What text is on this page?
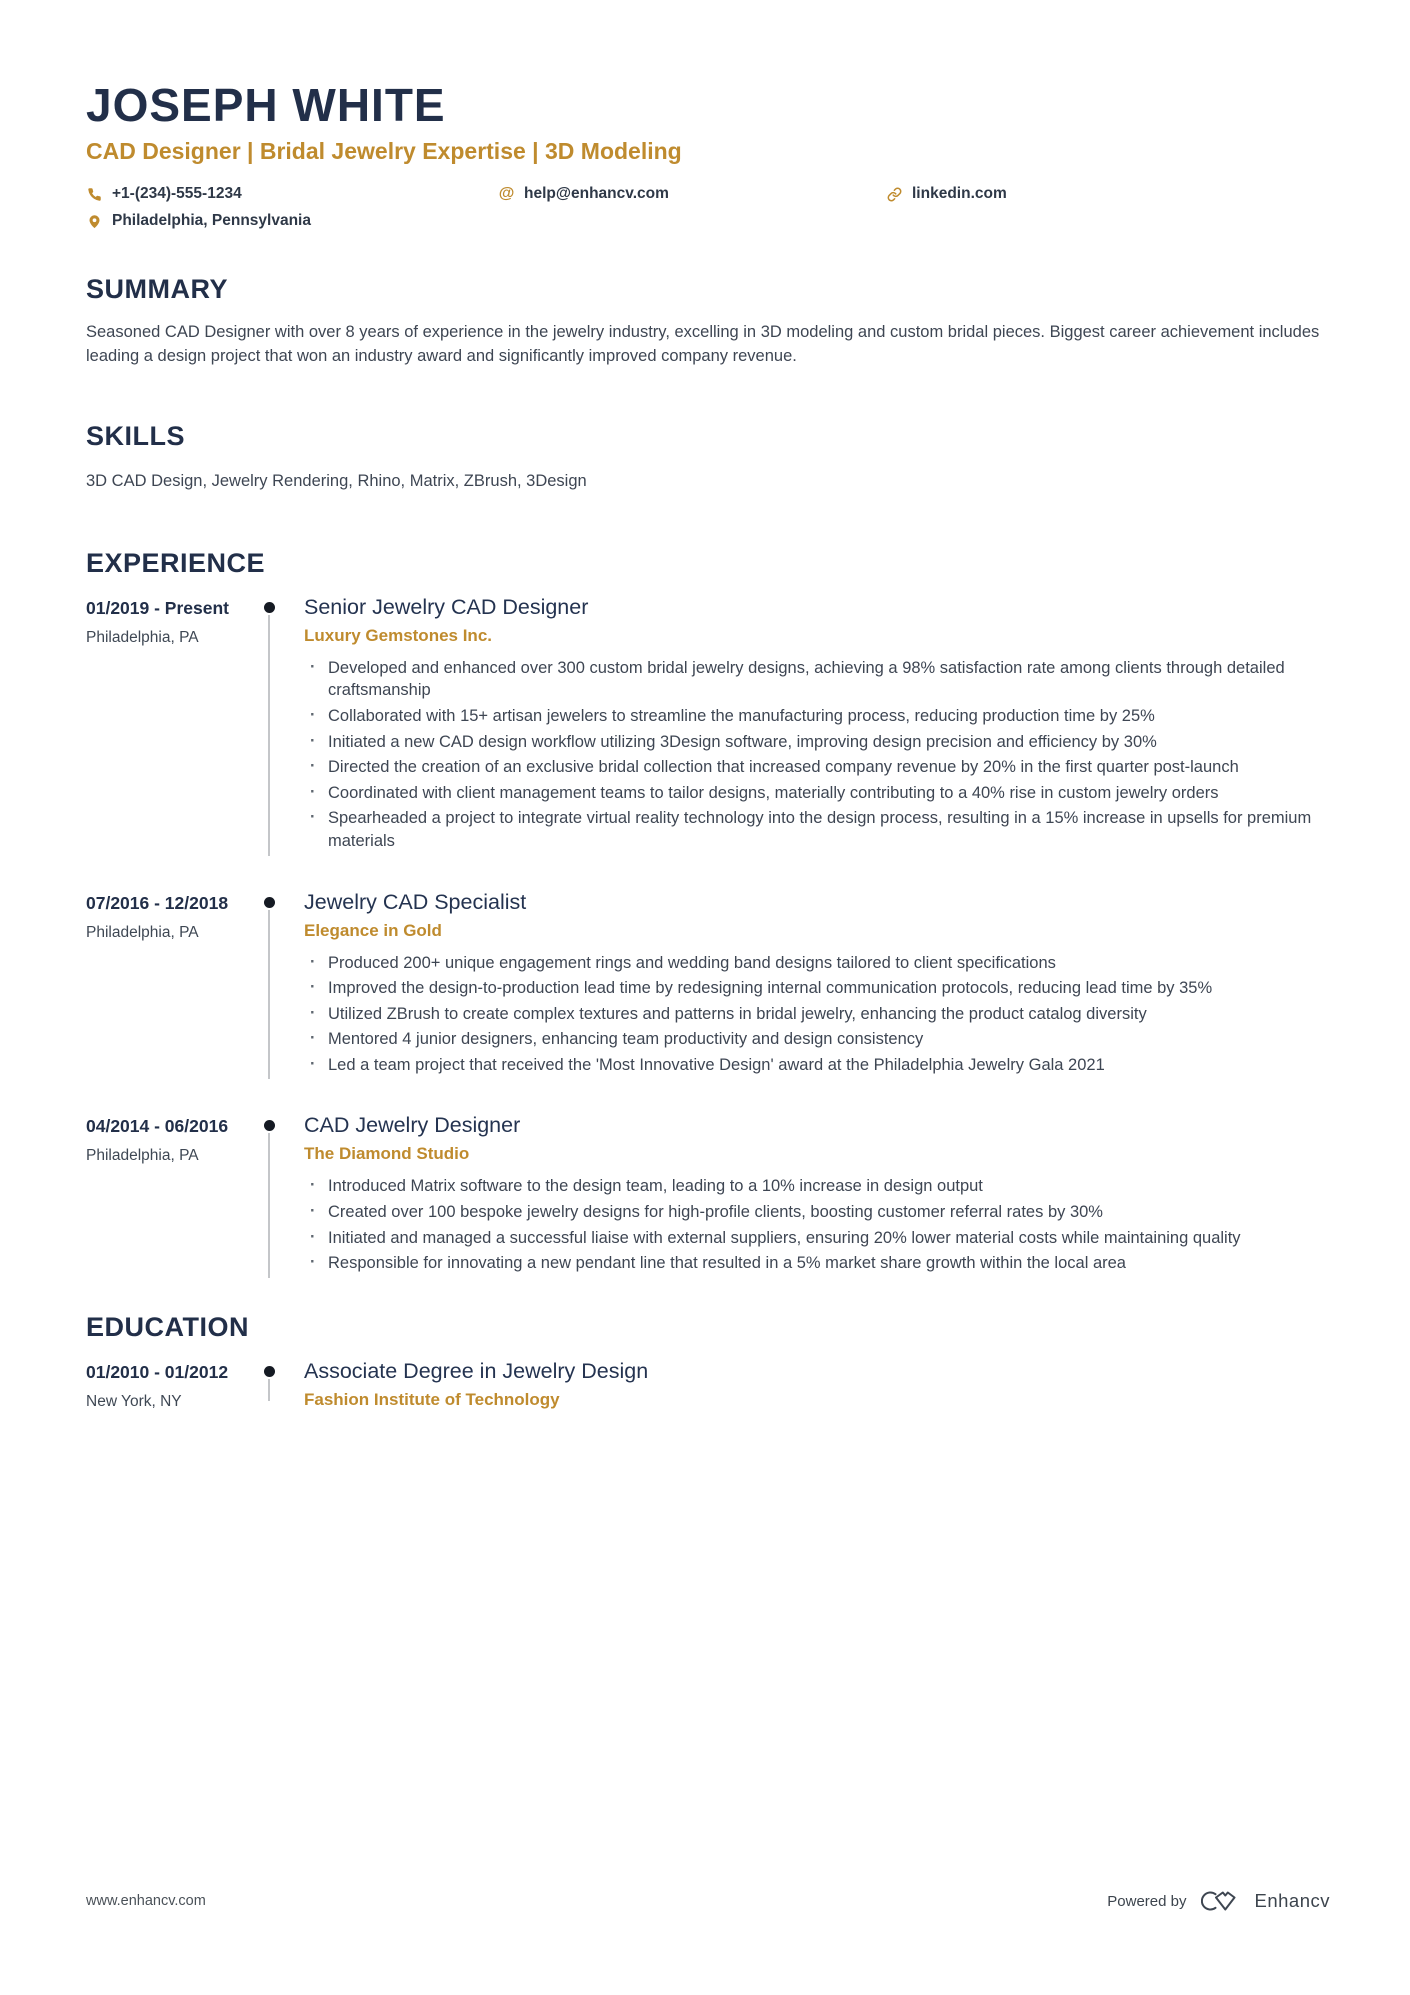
JOSEPH WHITE
CAD Designer | Bridal Jewelry Expertise | 3D Modeling
+1-(234)-555-1234	@ help@enhancv.com	linkedin.com
Philadelphia, Pennsylvania
SUMMARY

Seasoned CAD Designer with over 8 years of experience in the jewelry industry, excelling in 3D modeling and custom bridal pieces. Biggest career achievement includes leading a design project that won an industry award and significantly improved company revenue.

SKILLS

3D CAD Design, Jewelry Rendering, Rhino, Matrix, ZBrush, 3Design

EXPERIENCE
01/2019 - Present
Philadelphia, PA
Senior Jewelry CAD Designer
Luxury Gemstones Inc.
· Developed and enhanced over 300 custom bridal jewelry designs, achieving a 98% satisfaction rate among clients through detailed craftsmanship
· Collaborated with 15+ artisan jewelers to streamline the manufacturing process, reducing production time by 25%
· Initiated a new CAD design workflow utilizing 3Design software, improving design precision and efficiency by 30%
· Directed the creation of an exclusive bridal collection that increased company revenue by 20% in the first quarter post-launch
· Coordinated with client management teams to tailor designs, materially contributing to a 40% rise in custom jewelry orders
· Spearheaded a project to integrate virtual reality technology into the design process, resulting in a 15% increase in upsells for premium materials
07/2016 - 12/2018
Philadelphia, PA
Jewelry CAD Specialist
Elegance in Gold
· Produced 200+ unique engagement rings and wedding band designs tailored to client specifications
· Improved the design-to-production lead time by redesigning internal communication protocols, reducing lead time by 35%
· Utilized ZBrush to create complex textures and patterns in bridal jewelry, enhancing the product catalog diversity
· Mentored 4 junior designers, enhancing team productivity and design consistency
· Led a team project that received the 'Most Innovative Design' award at the Philadelphia Jewelry Gala 2021
04/2014 - 06/2016
Philadelphia, PA
CAD Jewelry Designer
The Diamond Studio
· Introduced Matrix software to the design team, leading to a 10% increase in design output
· Created over 100 bespoke jewelry designs for high-profile clients, boosting customer referral rates by 30%
· Initiated and managed a successful liaise with external suppliers, ensuring 20% lower material costs while maintaining quality
· Responsible for innovating a new pendant line that resulted in a 5% market share growth within the local area
EDUCATION
01/2010 - 01/2012
New York, NY
Associate Degree in Jewelry Design
Fashion Institute of Technology
www.enhancv.com	Powered by	Enhancv
